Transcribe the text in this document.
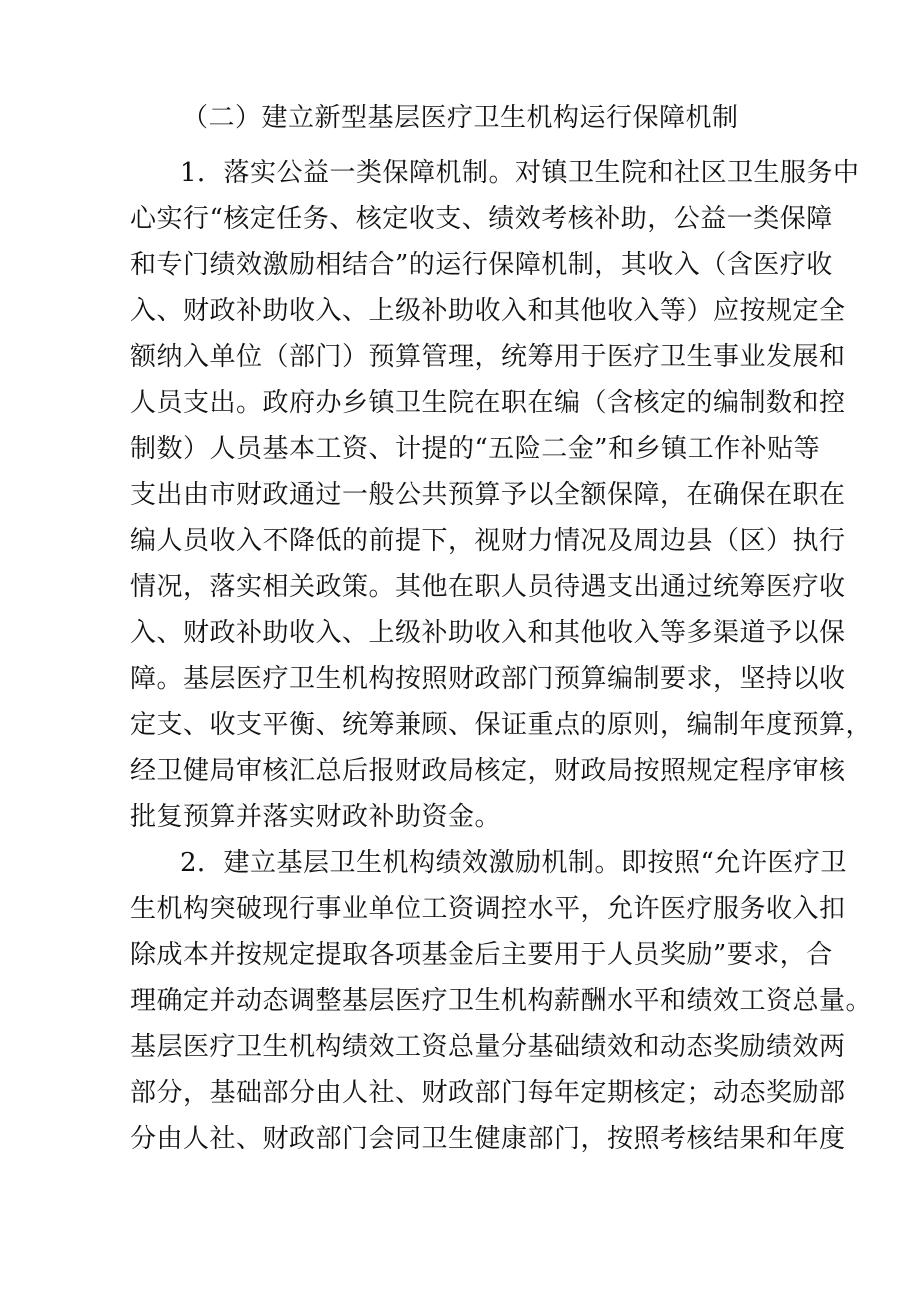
（二）建立新型基层医疗卫生机构运行保障机制
1．落实公益一类保障机制。对镇卫生院和社区卫生服务中
心实行“核定任务、核定收支、绩效考核补助，公益一类保障
和专门绩效激励相结合”的运行保障机制，其收入（含医疗收
入、财政补助收入、上级补助收入和其他收入等）应按规定全
额纳入单位（部门）预算管理，统筹用于医疗卫生事业发展和
人员支出。政府办乡镇卫生院在职在编（含核定的编制数和控
制数）人员基本工资、计提的“五险二金”和乡镇工作补贴等
支出由市财政通过一般公共预算予以全额保障，在确保在职在
编人员收入不降低的前提下，视财力情况及周边县（区）执行
情况，落实相关政策。其他在职人员待遇支出通过统筹医疗收
入、财政补助收入、上级补助收入和其他收入等多渠道予以保
障。基层医疗卫生机构按照财政部门预算编制要求，坚持以收
定支、收支平衡、统筹兼顾、保证重点的原则，编制年度预算，
经卫健局审核汇总后报财政局核定，财政局按照规定程序审核
批复预算并落实财政补助资金。
2．建立基层卫生机构绩效激励机制。即按照“允许医疗卫
生机构突破现行事业单位工资调控水平，允许医疗服务收入扣
除成本并按规定提取各项基金后主要用于人员奖励”要求，合
理确定并动态调整基层医疗卫生机构薪酬水平和绩效工资总量。
基层医疗卫生机构绩效工资总量分基础绩效和动态奖励绩效两
部分，基础部分由人社、财政部门每年定期核定；动态奖励部
分由人社、财政部门会同卫生健康部门，按照考核结果和年度
